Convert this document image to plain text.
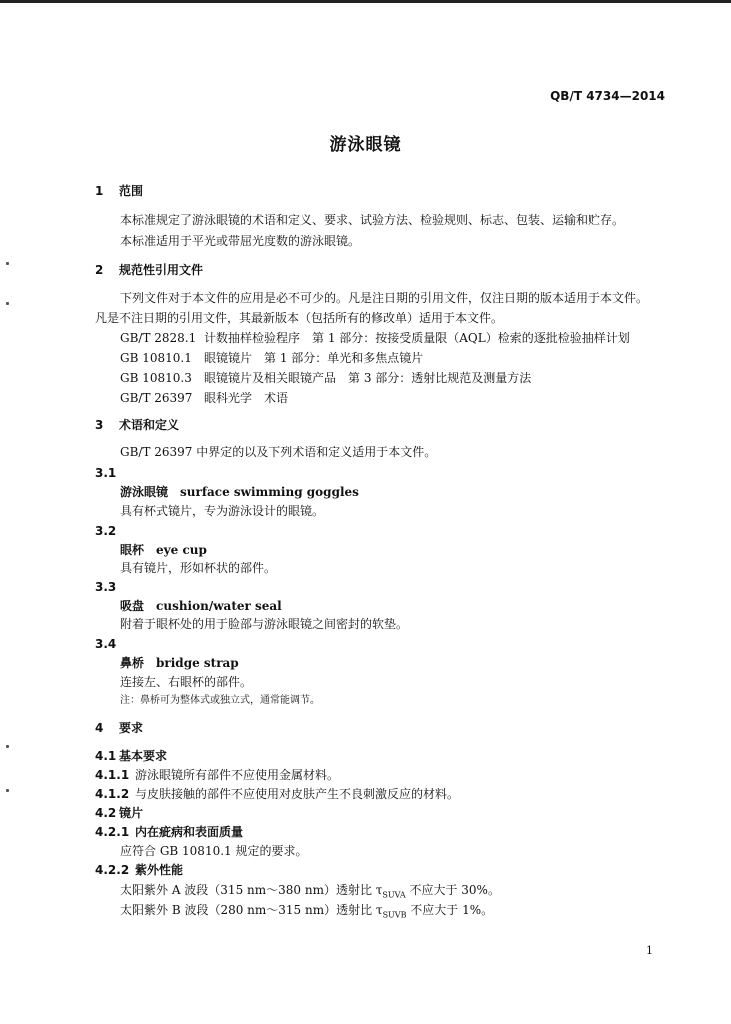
QB/T 4734—2014
游泳眼镜
1 范围
本标准规定了游泳眼镜的术语和定义、要求、试验方法、检验规则、标志、包装、运输和贮存。
本标准适用于平光或带屈光度数的游泳眼镜。
2 规范性引用文件
下列文件对于本文件的应用是必不可少的。凡是注日期的引用文件，仅注日期的版本适用于本文件。
凡是不注日期的引用文件，其最新版本（包括所有的修改单）适用于本文件。
GB/T 2828.1 计数抽样检验程序　第 1 部分：按接受质量限（AQL）检索的逐批检验抽样计划
GB 10810.1 眼镜镜片　第 1 部分：单光和多焦点镜片
GB 10810.3 眼镜镜片及相关眼镜产品　第 3 部分：透射比规范及测量方法
GB/T 26397 眼科光学　术语
3 术语和定义
GB/T 26397 中界定的以及下列术语和定义适用于本文件。
3.1
游泳眼镜　 surface swimming goggles
具有杯式镜片，专为游泳设计的眼镜。
3.2
眼杯　 eye cup
具有镜片，形如杯状的部件。
3.3
吸盘　 cushion/water seal
附着于眼杯处的用于脸部与游泳眼镜之间密封的软垫。
3.4
鼻桥　 bridge strap
连接左、右眼杯的部件。
注：鼻桥可为整体式或独立式，通常能调节。
4 要求
4.1 基本要求
4.1.1 游泳眼镜所有部件不应使用金属材料。
4.1.2 与皮肤接触的部件不应使用对皮肤产生不良刺激反应的材料。
4.2 镜片
4.2.1 内在疵病和表面质量
应符合 GB 10810.1 规定的要求。
4.2.2 紫外性能
太阳紫外 A 波段（315 nm～380 nm）透射比 $\tau_{SUVA}$ 不应大于 30%。
太阳紫外 B 波段（280 nm～315 nm）透射比 $\tau_{SUVB}$ 不应大于 1%。
1
